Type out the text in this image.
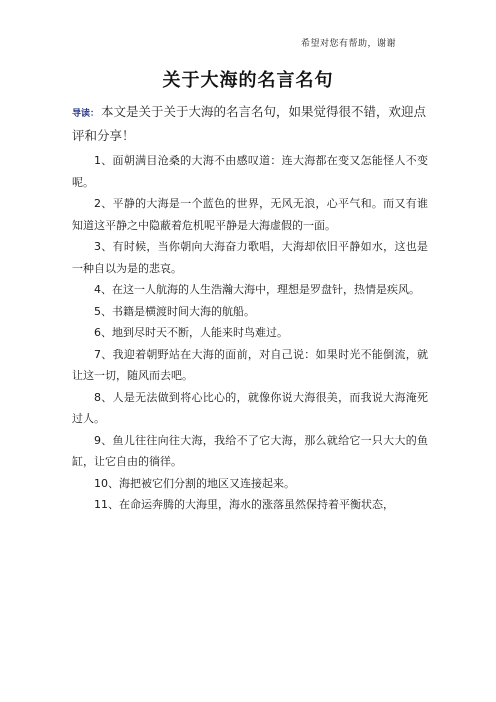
希望对您有帮助，谢谢
关于大海的名言名句
导读： 本文是关于关于大海的名言名句，如果觉得很不错，欢迎点评和分享！
1、面朝满目沧桑的大海不由感叹道：连大海都在变又怎能怪人不变呢。
2、平静的大海是一个蓝色的世界，无风无浪，心平气和。而又有谁知道这平静之中隐蔽着危机呢平静是大海虚假的一面。
3、有时候，当你朝向大海奋力歌唱，大海却依旧平静如水，这也是一种自以为是的悲哀。
4、在这一人航海的人生浩瀚大海中，理想是罗盘针，热情是疾风。
5、书籍是横渡时间大海的航船。
6、地到尽时天不断，人能来时鸟难过。
7、我迎着朝野站在大海的面前，对自己说：如果时光不能倒流，就让这一切，随风而去吧。
8、人是无法做到将心比心的，就像你说大海很美，而我说大海淹死过人。
9、鱼儿往往向往大海，我给不了它大海，那么就给它一只大大的鱼缸，让它自由的徜徉。
10、海把被它们分割的地区又连接起来。
11、在命运奔腾的大海里，海水的涨落虽然保持着平衡状态，
